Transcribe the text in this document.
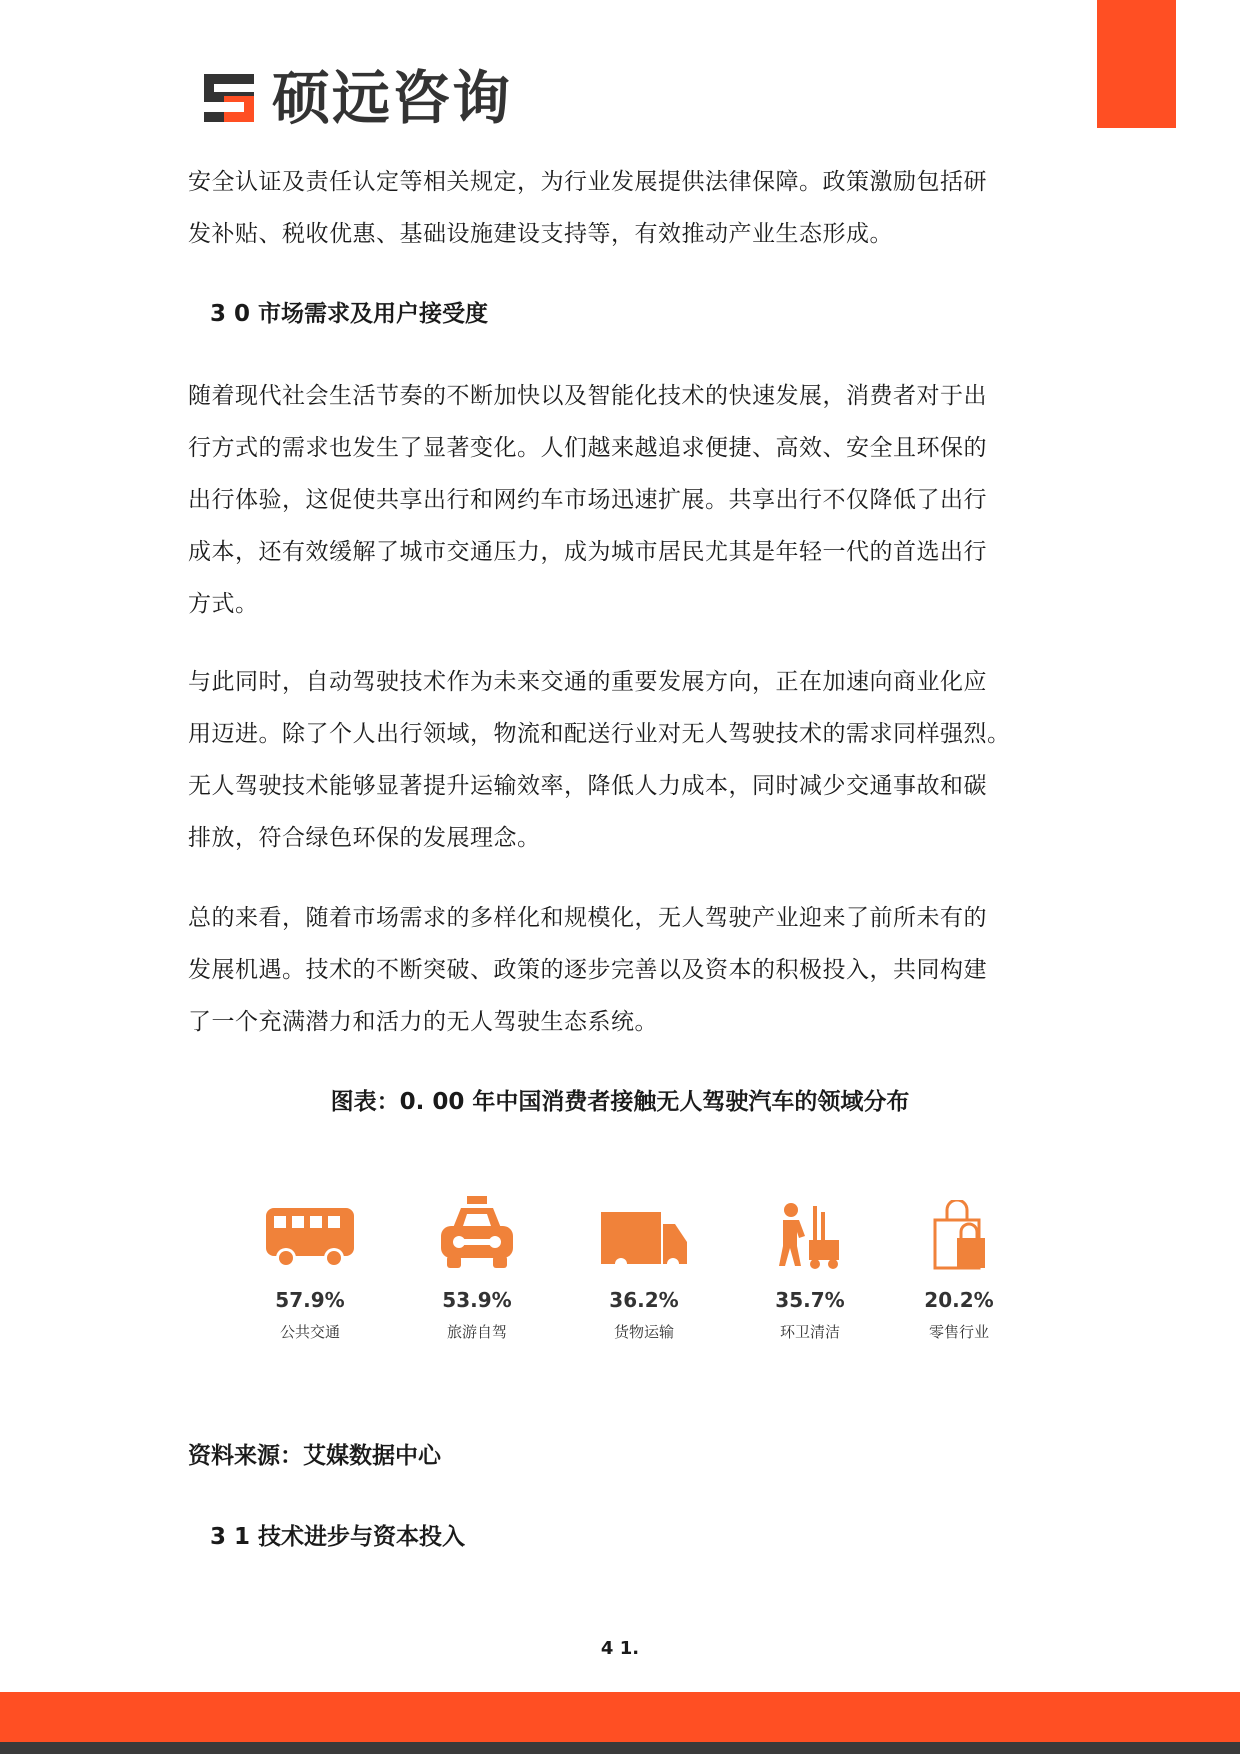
硕远咨询

安全认证及责任认定等相关规定，为行业发展提供法律保障。政策激励包括研
发补贴、税收优惠、基础设施建设支持等，有效推动产业生态形成。

3 0 市场需求及用户接受度

随着现代社会生活节奏的不断加快以及智能化技术的快速发展，消费者对于出
行方式的需求也发生了显著变化。人们越来越追求便捷、高效、安全且环保的
出行体验，这促使共享出行和网约车市场迅速扩展。共享出行不仅降低了出行
成本，还有效缓解了城市交通压力，成为城市居民尤其是年轻一代的首选出行
方式。

与此同时，自动驾驶技术作为未来交通的重要发展方向，正在加速向商业化应
用迈进。除了个人出行领域，物流和配送行业对无人驾驶技术的需求同样强烈。
无人驾驶技术能够显著提升运输效率，降低人力成本，同时减少交通事故和碳
排放，符合绿色环保的发展理念。

总的来看，随着市场需求的多样化和规模化，无人驾驶产业迎来了前所未有的
发展机遇。技术的不断突破、政策的逐步完善以及资本的积极投入，共同构建
了一个充满潜力和活力的无人驾驶生态系统。

图表：0. 00 年中国消费者接触无人驾驶汽车的领域分布

57.9%
公共交通
53.9%
旅游自驾
36.2%
货物运输
35.7%
环卫清洁
20.2%
零售行业

资料来源：艾媒数据中心

3 1 技术进步与资本投入

4 1.
